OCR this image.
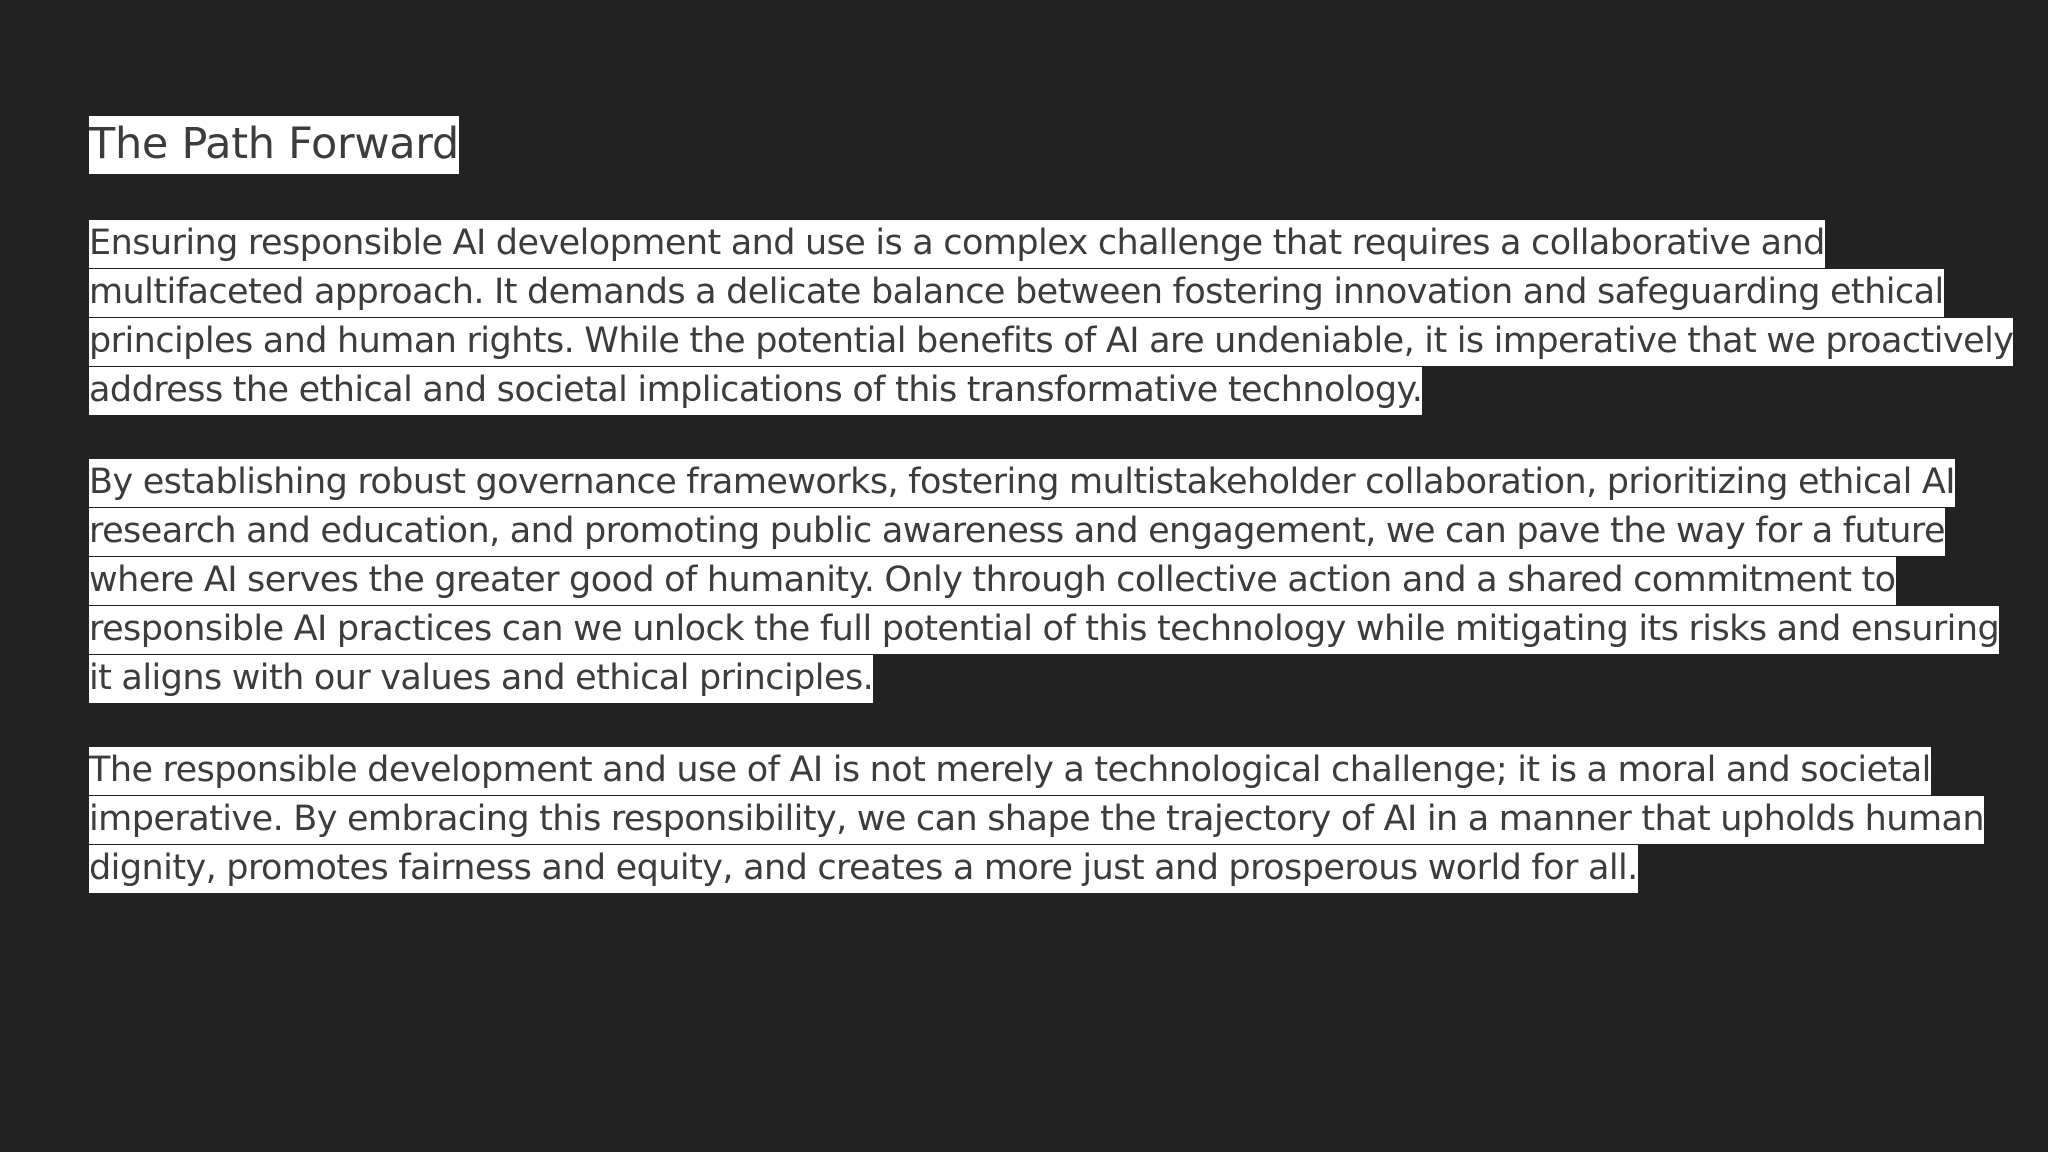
The Path Forward

Ensuring responsible AI development and use is a complex challenge that requires a collaborative and
multifaceted approach. It demands a delicate balance between fostering innovation and safeguarding ethical
principles and human rights. While the potential benefits of AI are undeniable, it is imperative that we proactively
address the ethical and societal implications of this transformative technology.

By establishing robust governance frameworks, fostering multistakeholder collaboration, prioritizing ethical AI
research and education, and promoting public awareness and engagement, we can pave the way for a future
where AI serves the greater good of humanity. Only through collective action and a shared commitment to
responsible AI practices can we unlock the full potential of this technology while mitigating its risks and ensuring
it aligns with our values and ethical principles.

The responsible development and use of AI is not merely a technological challenge; it is a moral and societal
imperative. By embracing this responsibility, we can shape the trajectory of AI in a manner that upholds human
dignity, promotes fairness and equity, and creates a more just and prosperous world for all.
